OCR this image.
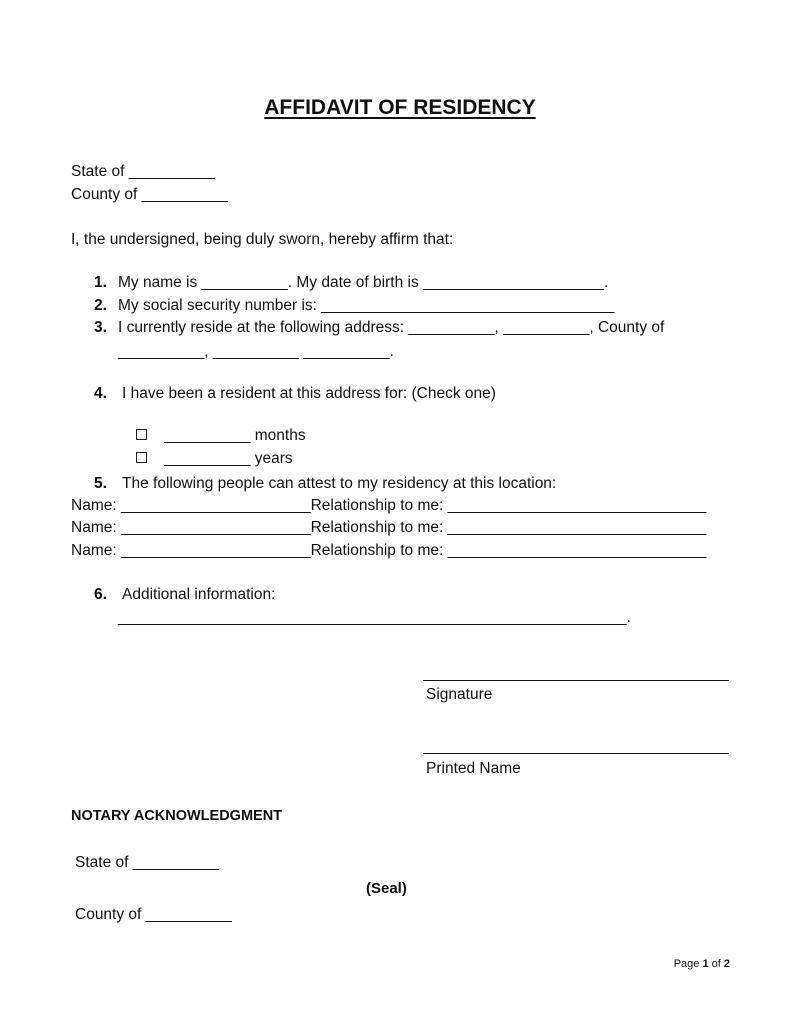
AFFIDAVIT OF RESIDENCY
State of __________
County of __________
I, the undersigned, being duly sworn, hereby affirm that:
1. My name is __________. My date of birth is _____________________.
2. My social security number is: __________________________________
3. I currently reside at the following address: __________, __________, County of
__________, __________ __________.
4. I have been a resident at this address for: (Check one)

__________ months

__________ years

5. The following people can attest to my residency at this location:
Name: ______________________Relationship to me: ______________________________
Name: ______________________Relationship to me: ______________________________
Name: ______________________Relationship to me: ______________________________
6. Additional information:
___________________________________________________________.
Signature
Printed Name
NOTARY ACKNOWLEDGMENT
State of __________
(Seal)
County of __________
Page 1 of 2
